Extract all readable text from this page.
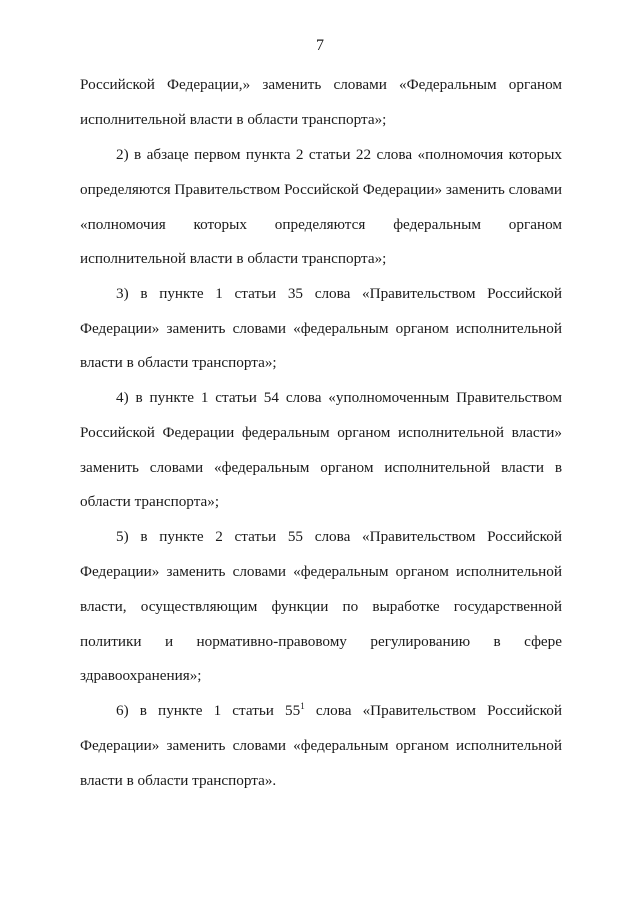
7
Российской Федерации,» заменить словами «Федеральным органом
исполнительной власти в области транспорта»;
2) в абзаце первом пункта 2 статьи 22 слова «полномочия которых
определяются Правительством Российской Федерации» заменить словами
«полномочия которых определяются федеральным органом
исполнительной власти в области транспорта»;
3) в пункте 1 статьи 35 слова «Правительством Российской
Федерации» заменить словами «федеральным органом исполнительной
власти в области транспорта»;
4) в пункте 1 статьи 54 слова «уполномоченным Правительством
Российской Федерации федеральным органом исполнительной власти»
заменить словами «федеральным органом исполнительной власти в
области транспорта»;
5) в пункте 2 статьи 55 слова «Правительством Российской
Федерации» заменить словами «федеральным органом исполнительной
власти, осуществляющим функции по выработке государственной
политики и нормативно-правовому регулированию в сфере
здравоохранения»;
6) в пункте 1 статьи 55$^1$ слова «Правительством Российской
Федерации» заменить словами «федеральным органом исполнительной
власти в области транспорта».
